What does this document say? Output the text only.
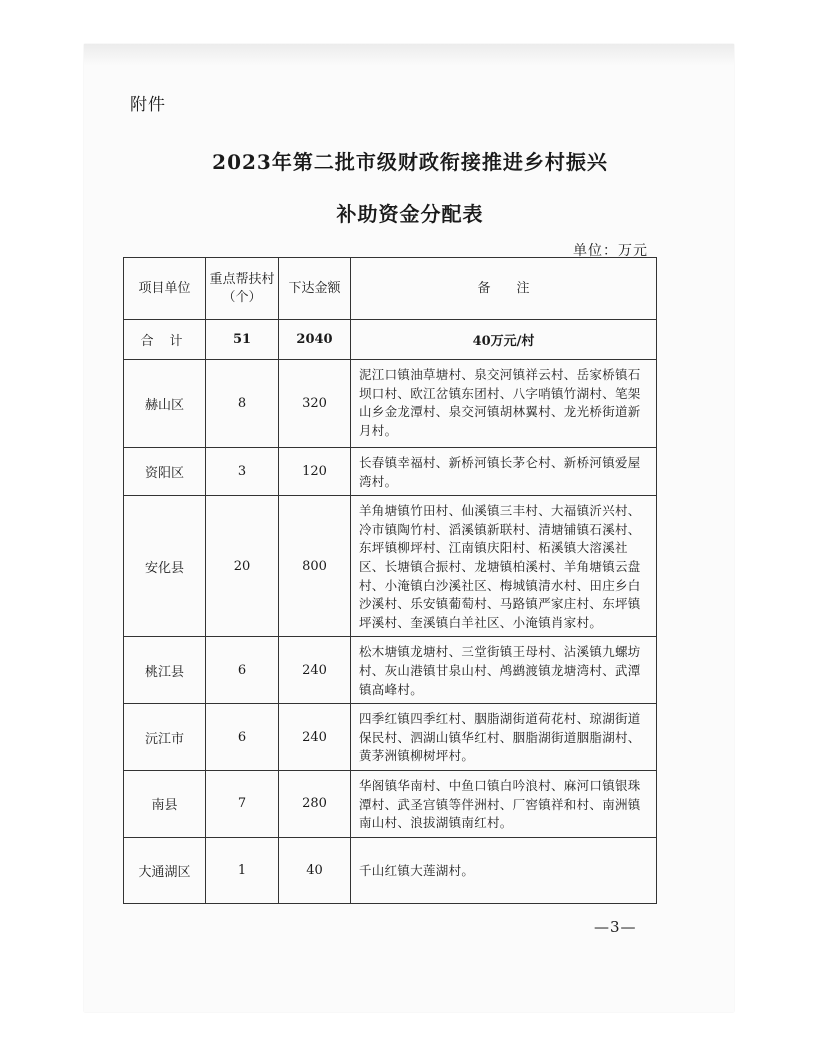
附件
2023年第二批市级财政衔接推进乡村振兴
补助资金分配表
单位：万元
项目单位	重点帮扶村（个）	下达金额	备　　注
合计	51	2040	40万元/村
赫山区	8	320	泥江口镇油草塘村、泉交河镇祥云村、岳家桥镇石坝口村、欧江岔镇东团村、八字哨镇竹湖村、笔架山乡金龙潭村、泉交河镇胡林翼村、龙光桥街道新月村。
资阳区	3	120	长春镇幸福村、新桥河镇长茅仑村、新桥河镇爱屋湾村。
安化县	20	800	羊角塘镇竹田村、仙溪镇三丰村、大福镇沂兴村、冷市镇陶竹村、滔溪镇新联村、清塘铺镇石溪村、东坪镇柳坪村、江南镇庆阳村、柘溪镇大溶溪社区、长塘镇合振村、龙塘镇柏溪村、羊角塘镇云盘村、小淹镇白沙溪社区、梅城镇清水村、田庄乡白沙溪村、乐安镇葡萄村、马路镇严家庄村、东坪镇坪溪村、奎溪镇白羊社区、小淹镇肖家村。
桃江县	6	240	松木塘镇龙塘村、三堂街镇王母村、沾溪镇九螺坊村、灰山港镇甘泉山村、鸬鹚渡镇龙塘湾村、武潭镇高峰村。
沅江市	6	240	四季红镇四季红村、胭脂湖街道荷花村、琼湖街道保民村、泗湖山镇华红村、胭脂湖街道胭脂湖村、黄茅洲镇柳树坪村。
南县	7	280	华阁镇华南村、中鱼口镇白吟浪村、麻河口镇银珠潭村、武圣宫镇等伴洲村、厂窖镇祥和村、南洲镇南山村、浪拔湖镇南红村。
大通湖区	1	40	千山红镇大莲湖村。
—3—
